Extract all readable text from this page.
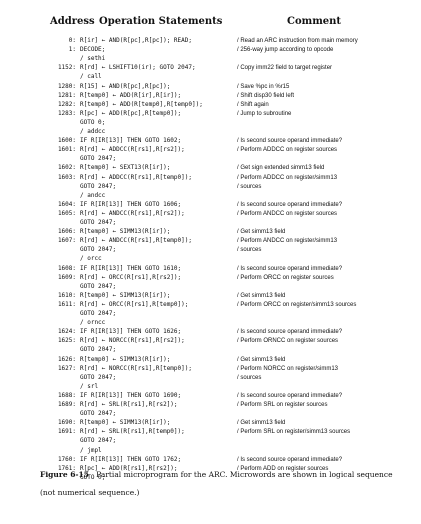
Address Operation Statements	Comment
0: R[ir] ← AND(R[pc],R[pc]); READ;	/ Read an ARC instruction from main memory
1: DECODE;	/ 256-way jump according to opcode
/ sethi
1152: R[rd] ← LSHIFT10(ir); GOTO 2047;	/ Copy imm22 field to target register
/ call
1280: R[15] ← AND(R[pc],R[pc]);	/ Save %pc in %r15
1281: R[temp0] ← ADD(R[ir],R[ir]);	/ Shift disp30 field left
1282: R[temp0] ← ADD(R[temp0],R[temp0]);	/ Shift again
1283: R[pc] ← ADD(R[pc],R[temp0]);	/ Jump to subroutine
GOTO 0;
/ addcc
1600: IF R[IR[13]] THEN GOTO 1602;	/ Is second source operand immediate?
1601: R[rd] ← ADDCC(R[rs1],R[rs2]);	/ Perform ADDCC on register sources
GOTO 2047;
1602: R[temp0] ← SEXT13(R[ir]);	/ Get sign extended simm13 field
1603: R[rd] ← ADDCC(R[rs1],R[temp0]);	/ Perform ADDCC on register/simm13
GOTO 2047;	/ sources
/ andcc
1604: IF R[IR[13]] THEN GOTO 1606;	/ Is second source operand immediate?
1605: R[rd] ← ANDCC(R[rs1],R[rs2]);	/ Perform ANDCC on register sources
GOTO 2047;
1606: R[temp0] ← SIMM13(R[ir]);	/ Get simm13 field
1607: R[rd] ← ANDCC(R[rs1],R[temp0]);	/ Perform ANDCC on register/simm13
GOTO 2047;	/ sources
/ orcc
1608: IF R[IR[13]] THEN GOTO 1610;	/ Is second source operand immediate?
1609: R[rd] ← ORCC(R[rs1],R[rs2]);	/ Perform ORCC on register sources
GOTO 2047;
1610: R[temp0] ← SIMM13(R[ir]);	/ Get simm13 field
1611: R[rd] ← ORCC(R[rs1],R[temp0]);	/ Perform ORCC on register/simm13 sources
GOTO 2047;
/ orncc
1624: IF R[IR[13]] THEN GOTO 1626;	/ Is second source operand immediate?
1625: R[rd] ← NORCC(R[rs1],R[rs2]);	/ Perform ORNCC on register sources
GOTO 2047;
1626: R[temp0] ← SIMM13(R[ir]);	/ Get simm13 field
1627: R[rd] ← NORCC(R[rs1],R[temp0]);	/ Perform NORCC on register/simm13
GOTO 2047;	/ sources
/ srl
1688: IF R[IR[13]] THEN GOTO 1690;	/ Is second source operand immediate?
1689: R[rd] ← SRL(R[rs1],R[rs2]);	/ Perform SRL on register sources
GOTO 2047;
1690: R[temp0] ← SIMM13(R[ir]);	/ Get simm13 field
1691: R[rd] ← SRL(R[rs1],R[temp0]);	/ Perform SRL on register/simm13 sources
GOTO 2047;
/ jmpl
1760: IF R[IR[13]] THEN GOTO 1762;	/ Is second source operand immediate?
1761: R[pc] ← ADD(R[rs1],R[rs2]);	/ Perform ADD on register sources
GOTO 0;
Figure 6-15 Partial microprogram for the ARC. Microwords are shown in logical sequence (not numerical sequence.)
